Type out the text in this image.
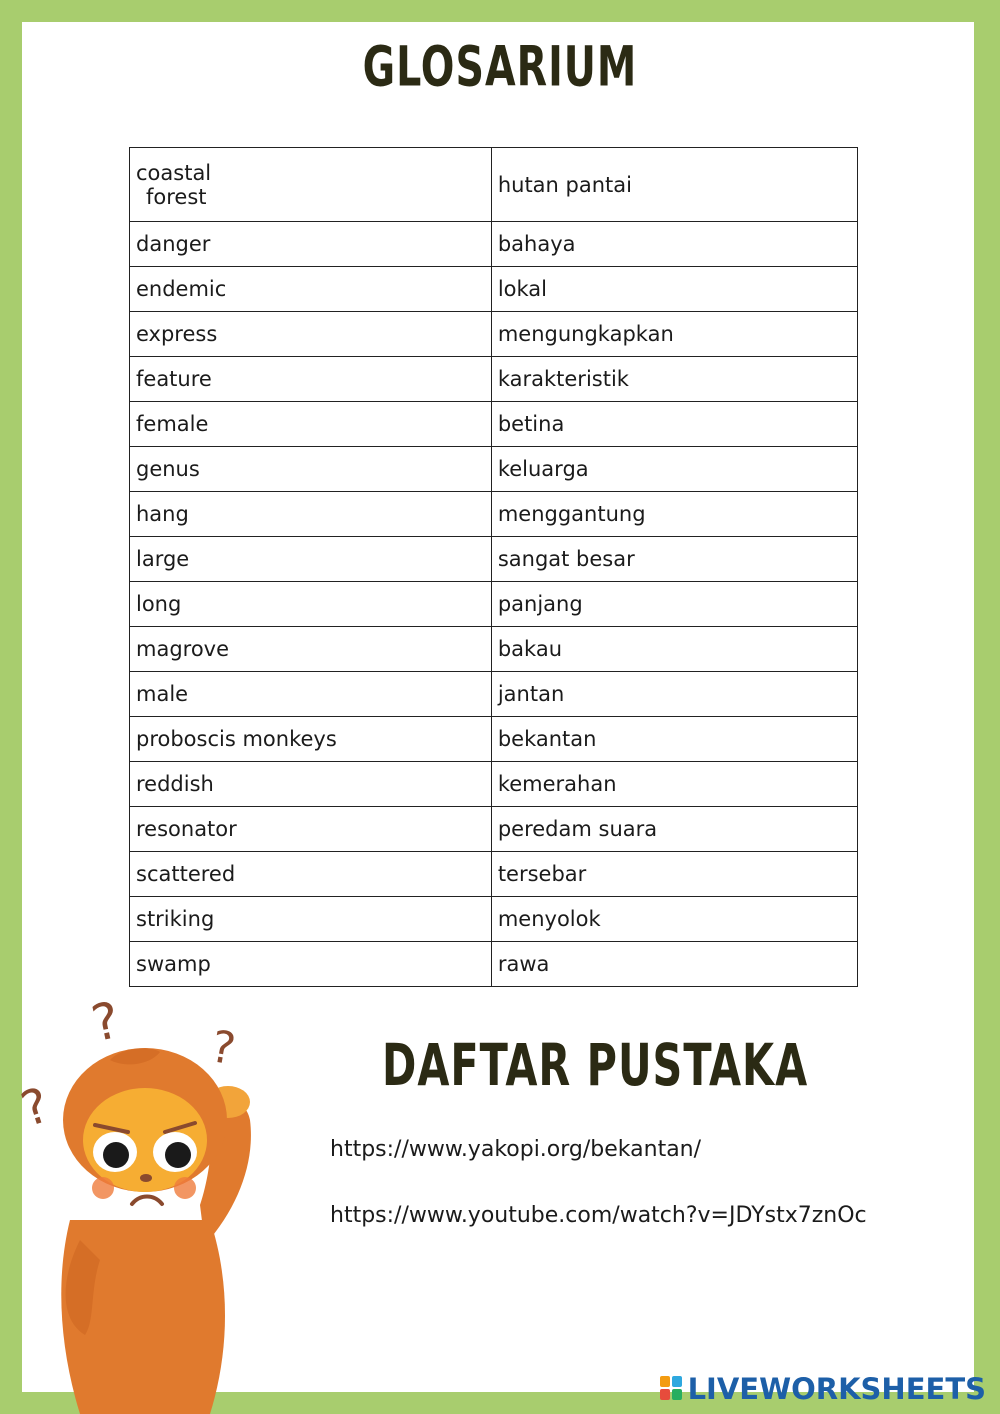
GLOSARIUM
coastal
forest	hutan pantai
danger	bahaya
endemic	lokal
express	mengungkapkan
feature	karakteristik
female	betina
genus	keluarga
hang	menggantung
large	sangat besar
long	panjang
magrove	bakau
male	jantan
proboscis monkeys	bekantan
reddish	kemerahan
resonator	peredam suara
scattered	tersebar
striking	menyolok
swamp	rawa
DAFTAR PUSTAKA
https://www.yakopi.org/bekantan/
https://www.youtube.com/watch?v=JDYstx7znOc
? ?
?
LIVEWORKSHEETS
